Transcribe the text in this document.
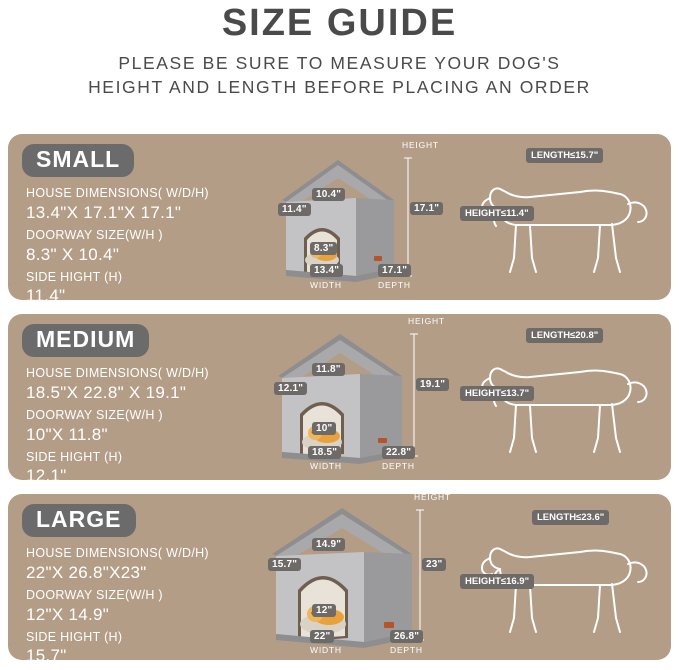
SIZE GUIDE

PLEASE BE SURE TO MEASURE YOUR DOG'S
HEIGHT AND LENGTH BEFORE PLACING AN ORDER

SMALL
HOUSE DIMENSIONS( W/D/H)
13.4"X 17.1"X 17.1"
DOORWAY SIZE(W/H )
8.3" X 10.4"
SIDE HIGHT (H)
11.4"
10.4"
11.4"
8.3"
HEIGHT
17.1"
17.1"
DEPTH
13.4"
WIDTH
LENGTH≤15.7"
HEIGHT≤11.4"
MEDIUM
HOUSE DIMENSIONS( W/D/H)
18.5"X 22.8" X 19.1"
DOORWAY SIZE(W/H )
10"X 11.8"
SIDE HIGHT (H)
12.1"
11.8"
12.1"
10"
HEIGHT
19.1"
22.8"
DEPTH
18.5"
WIDTH
LENGTH≤20.8"
HEIGHT≤13.7"
LARGE
HOUSE DIMENSIONS( W/D/H)
22"X 26.8"X23"
DOORWAY SIZE(W/H )
12"X 14.9"
SIDE HIGHT (H)
15.7"
14.9"
15.7"
12"
HEIGHT
23"
26.8"
DEPTH
22"
WIDTH
LENGTH≤23.6"
HEIGHT≤16.9"
